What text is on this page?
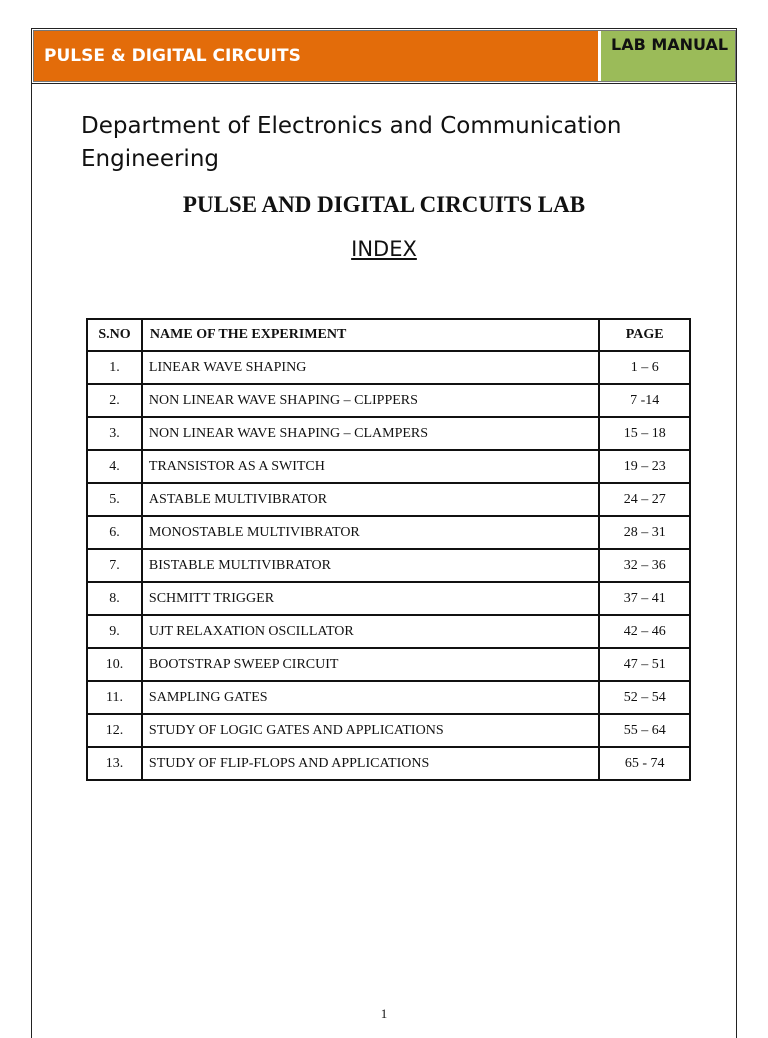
PULSE & DIGITAL CIRCUITS
LAB MANUAL
Department of Electronics and Communication Engineering
PULSE AND DIGITAL CIRCUITS LAB
INDEX
S.NO	NAME OF THE EXPERIMENT	PAGE
1.	LINEAR WAVE SHAPING	1 – 6
2.	NON LINEAR WAVE SHAPING – CLIPPERS	7 -14
3.	NON LINEAR WAVE SHAPING – CLAMPERS	15 – 18
4.	TRANSISTOR AS A SWITCH	19 – 23
5.	ASTABLE MULTIVIBRATOR	24 – 27
6.	MONOSTABLE MULTIVIBRATOR	28 – 31
7.	BISTABLE MULTIVIBRATOR	32 – 36
8.	SCHMITT TRIGGER	37 – 41
9.	UJT RELAXATION OSCILLATOR	42 – 46
10.	BOOTSTRAP SWEEP CIRCUIT	47 – 51
11.	SAMPLING GATES	52 – 54
12.	STUDY OF LOGIC GATES AND APPLICATIONS	55 – 64
13.	STUDY OF FLIP-FLOPS AND APPLICATIONS	65 - 74
1
